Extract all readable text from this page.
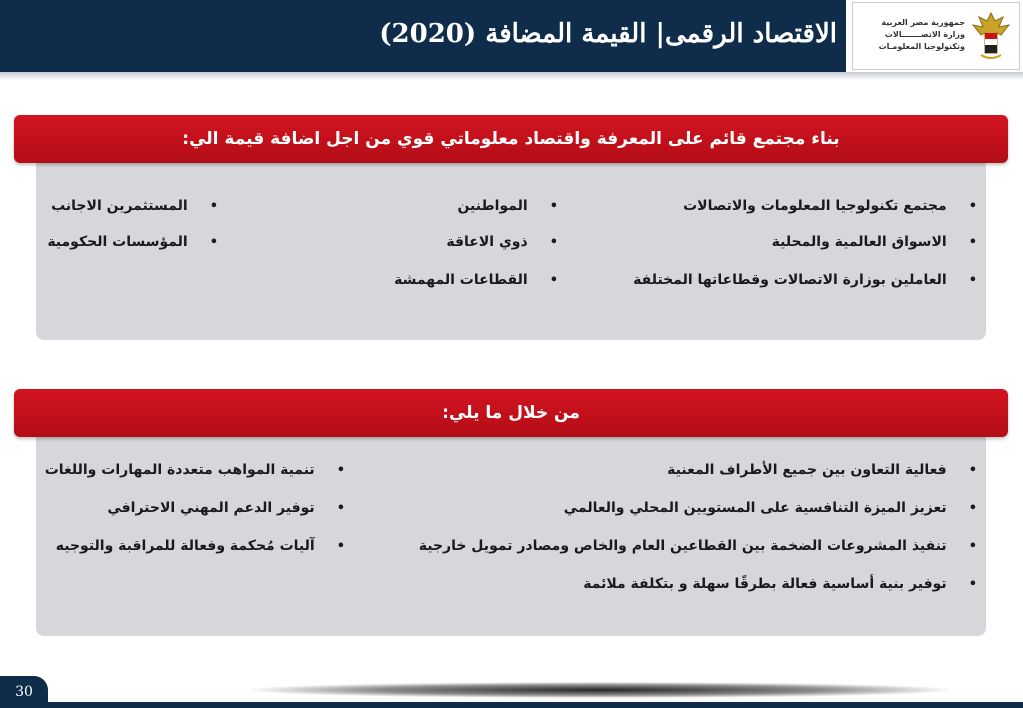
الاقتصاد الرقمى| القيمة المضافة (2020)	جمهورية مصر العربية
وزارة الاتصـــــــالات
وتكنولوجيا المعلومـات
بناء مجتمع قائم على المعرفة واقتصاد معلوماتي قوي من اجل اضافة قيمة الي:
• مجتمع تكنولوجيا المعلومات والاتصالات
• الاسواق العالمية والمحلية
• العاملين بوزارة الاتصالات وقطاعاتها المختلفة
• المواطنين
• ذوي الاعاقة
• القطاعات المهمشة
• المستثمرين الاجانب
• المؤسسات الحكومية
من خلال ما يلي:
• فعالية التعاون بين جميع الأطراف المعنية
• تعزيز الميزة التنافسية على المستويين المحلي والعالمي
• تنفيذ المشروعات الضخمة بين القطاعين العام والخاص ومصادر تمويل خارجية
• توفير بنية أساسية فعالة بطرقًا سهلة و بتكلفة ملائمة
• تنمية المواهب متعددة المهارات واللغات
• توفير الدعم المهني الاحترافي
• آليات مُحكمة وفعالة للمراقبة والتوجيه
30
